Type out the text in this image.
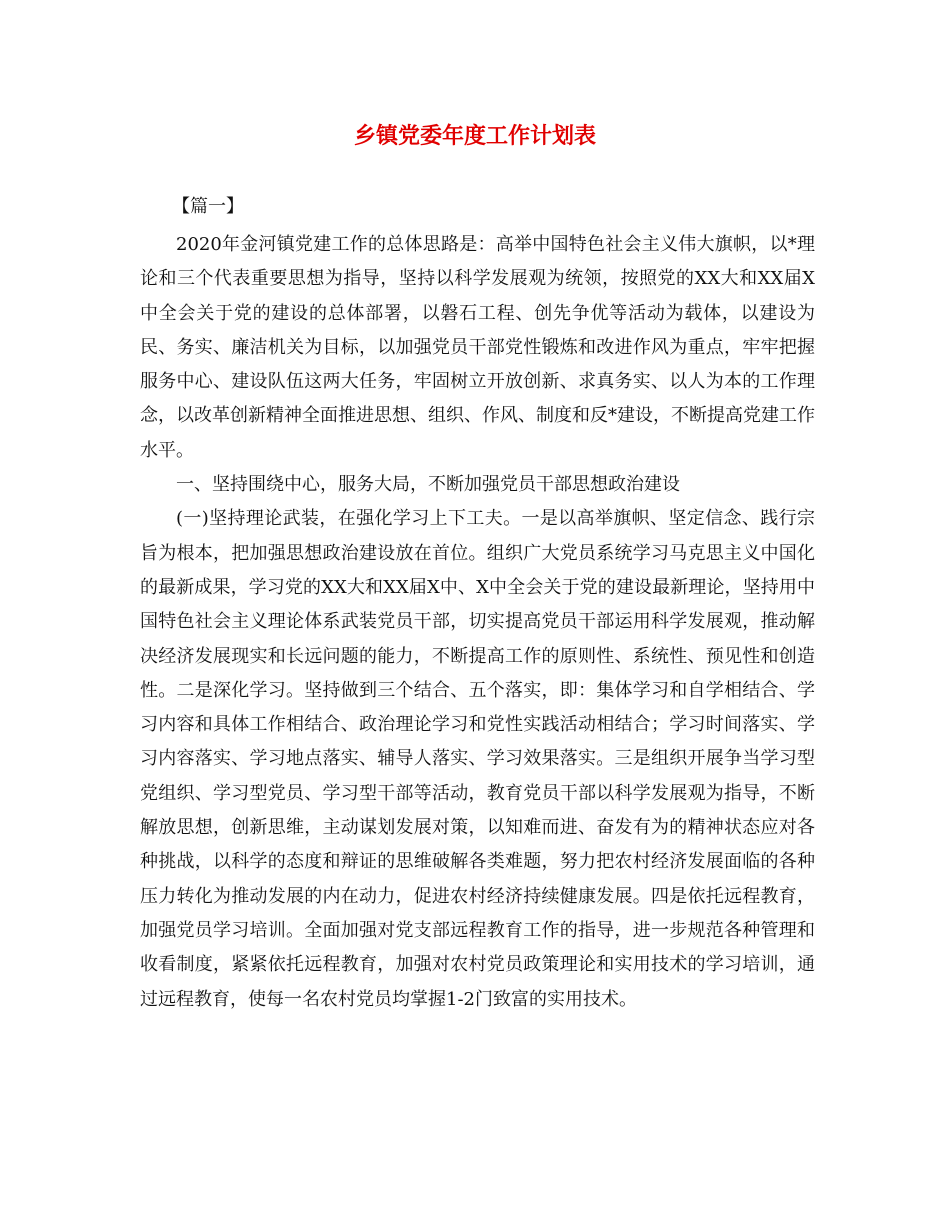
乡镇党委年度工作计划表
【篇一】

2020年金河镇党建工作的总体思路是：高举中国特色社会主义伟大旗帜，以*理论和三个代表重要思想为指导，坚持以科学发展观为统领，按照党的XX大和XX届X中全会关于党的建设的总体部署，以磐石工程、创先争优等活动为载体，以建设为民、务实、廉洁机关为目标，以加强党员干部党性锻炼和改进作风为重点，牢牢把握服务中心、建设队伍这两大任务，牢固树立开放创新、求真务实、以人为本的工作理念，以改革创新精神全面推进思想、组织、作风、制度和反*建设，不断提高党建工作水平。

一、坚持围绕中心，服务大局，不断加强党员干部思想政治建设

(一)坚持理论武装，在强化学习上下工夫。一是以高举旗帜、坚定信念、践行宗旨为根本，把加强思想政治建设放在首位。组织广大党员系统学习马克思主义中国化的最新成果，学习党的XX大和XX届X中、X中全会关于党的建设最新理论，坚持用中国特色社会主义理论体系武装党员干部，切实提高党员干部运用科学发展观，推动解决经济发展现实和长远问题的能力，不断提高工作的原则性、系统性、预见性和创造性。二是深化学习。坚持做到三个结合、五个落实，即：集体学习和自学相结合、学习内容和具体工作相结合、政治理论学习和党性实践活动相结合；学习时间落实、学习内容落实、学习地点落实、辅导人落实、学习效果落实。三是组织开展争当学习型党组织、学习型党员、学习型干部等活动，教育党员干部以科学发展观为指导，不断解放思想，创新思维，主动谋划发展对策，以知难而进、奋发有为的精神状态应对各种挑战，以科学的态度和辩证的思维破解各类难题，努力把农村经济发展面临的各种压力转化为推动发展的内在动力，促进农村经济持续健康发展。四是依托远程教育，加强党员学习培训。全面加强对党支部远程教育工作的指导，进一步规范各种管理和收看制度，紧紧依托远程教育，加强对农村党员政策理论和实用技术的学习培训，通过远程教育，使每一名农村党员均掌握1-2门致富的实用技术。
